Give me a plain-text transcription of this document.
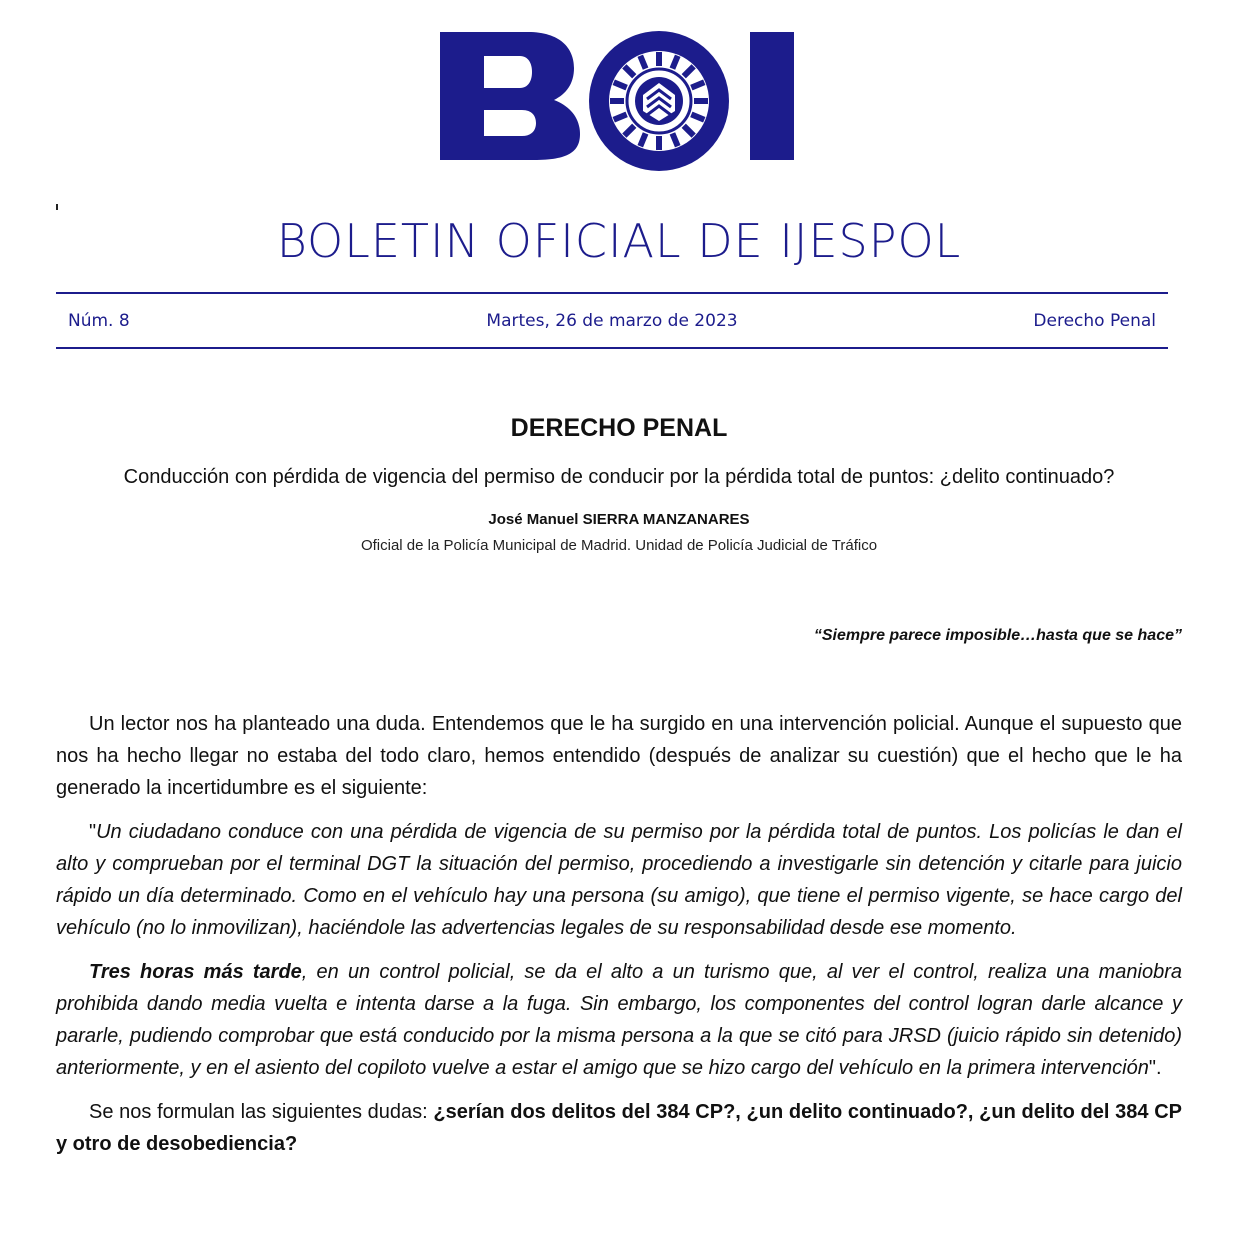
BOLETIN OFICIAL DE IJESPOL
Núm. 8	Martes, 26 de marzo de 2023	Derecho Penal
DERECHO PENAL
Conducción con pérdida de vigencia del permiso de conducir por la pérdida total de puntos: ¿delito continuado?
José Manuel SIERRA MANZANARES
Oficial de la Policía Municipal de Madrid. Unidad de Policía Judicial de Tráfico
“Siempre parece imposible…hasta que se hace”

Un lector nos ha planteado una duda. Entendemos que le ha surgido en una intervención policial. Aunque el supuesto que nos ha hecho llegar no estaba del todo claro, hemos entendido (después de analizar su cuestión) que el hecho que le ha generado la incertidumbre es el siguiente:

"Un ciudadano conduce con una pérdida de vigencia de su permiso por la pérdida total de puntos. Los policías le dan el alto y comprueban por el terminal DGT la situación del permiso, procediendo a investigarle sin detención y citarle para juicio rápido un día determinado. Como en el vehículo hay una persona (su amigo), que tiene el permiso vigente, se hace cargo del vehículo (no lo inmovilizan), haciéndole las advertencias legales de su responsabilidad desde ese momento.

Tres horas más tarde, en un control policial, se da el alto a un turismo que, al ver el control, realiza una maniobra prohibida dando media vuelta e intenta darse a la fuga. Sin embargo, los componentes del control logran darle alcance y pararle, pudiendo comprobar que está conducido por la misma persona a la que se citó para JRSD (juicio rápido sin detenido) anteriormente, y en el asiento del copiloto vuelve a estar el amigo que se hizo cargo del vehículo en la primera intervención".

Se nos formulan las siguientes dudas: ¿serían dos delitos del 384 CP?, ¿un delito continuado?, ¿un delito del 384 CP y otro de desobediencia?
